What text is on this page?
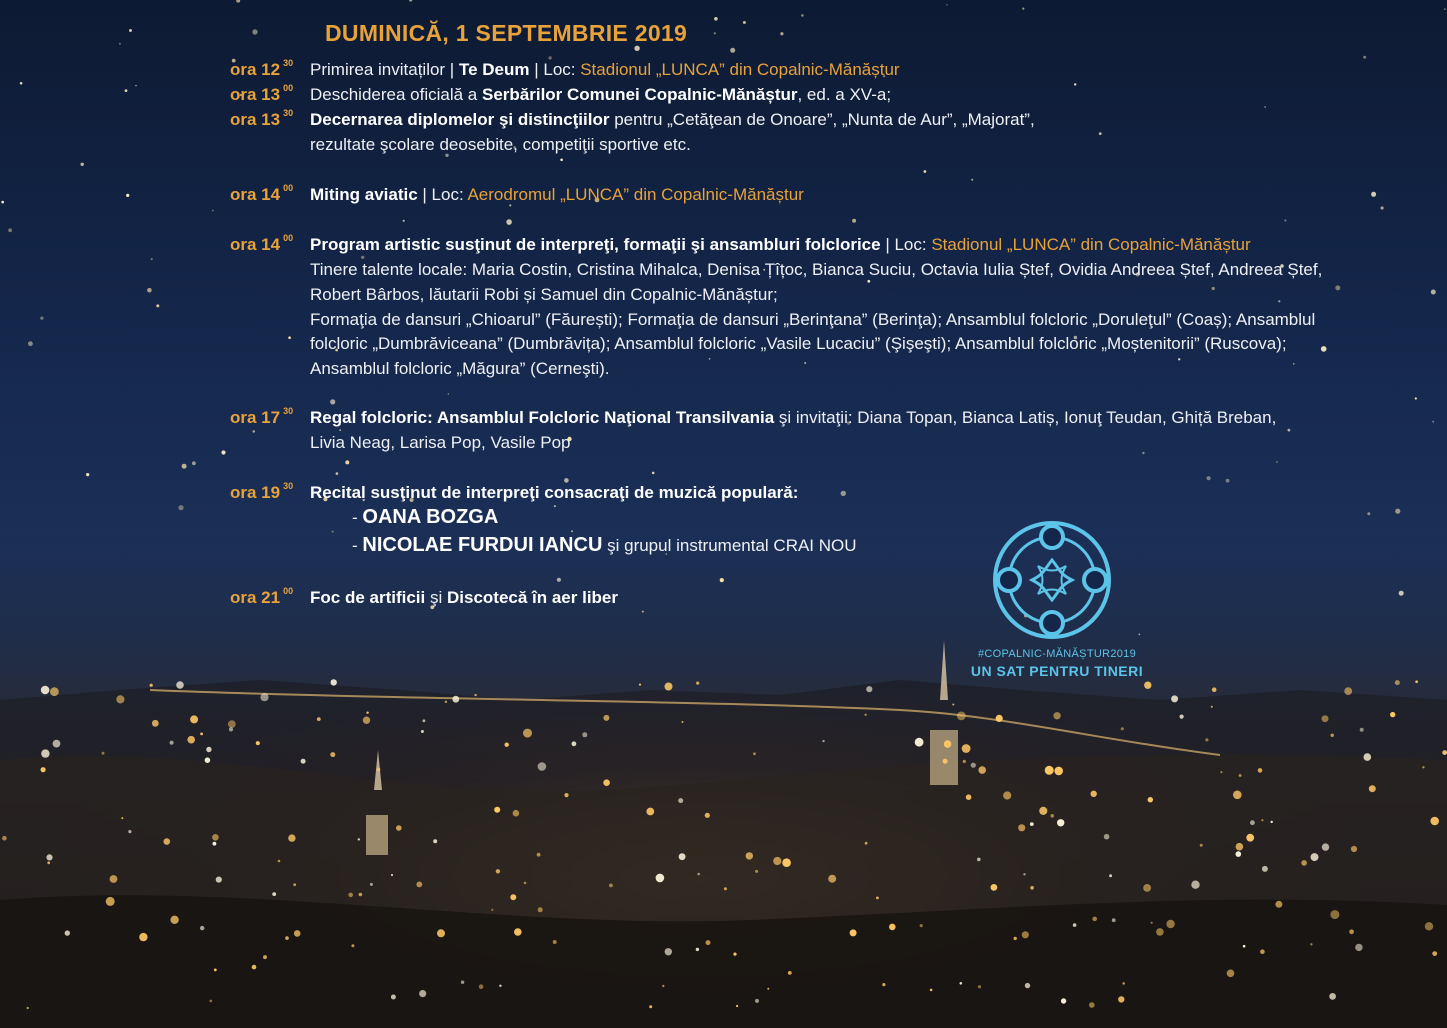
DUMINICĂ, 1 SEPTEMBRIE 2019
ora 12 $^{30}$ Primirea invitaților | Te Deum | Loc: Stadionul „LUNCA” din Copalnic-Mănăștur
ora 13 $^{00}$ Deschiderea oficială a Serbărilor Comunei Copalnic-Mănăștur, ed. a XV-a;
ora 13 $^{30}$ Decernarea diplomelor şi distincţiilor pentru „Cetăţean de Onoare”, „Nunta de Aur”, „Majorat”,
rezultate şcolare deosebite, competiţii sportive etc.
ora 14 $^{00}$ Miting aviatic | Loc: Aerodromul „LUNCA” din Copalnic-Mănăștur
ora 14 $^{00}$ Program artistic susţinut de interpreţi, formaţii şi ansambluri folclorice | Loc: Stadionul „LUNCA” din Copalnic-Mănăștur
Tinere talente locale: Maria Costin, Cristina Mihalca, Denisa Țîțoc, Bianca Suciu, Octavia Iulia Ștef, Ovidia Andreea Ștef, Andreea Ștef,
Robert Bârbos, lăutarii Robi și Samuel din Copalnic-Mănăștur;
Formaţia de dansuri „Chioarul” (Făurești); Formaţia de dansuri „Berinţana” (Berinţa); Ansamblul folcloric „Doruleţul” (Coaș); Ansamblul
folcloric „Dumbrăviceana” (Dumbrăvița); Ansamblul folcloric „Vasile Lucaciu” (Şişeşti); Ansamblul folcloric „Moștenitorii” (Ruscova);
Ansamblul folcloric „Măgura” (Cerneşti).
ora 17 $^{30}$ Regal folcloric: Ansamblul Folcloric Naţional Transilvania şi invitaţii: Diana Topan, Bianca Latiș, Ionuţ Teudan, Ghiță Breban,
Livia Neag, Larisa Pop, Vasile Pop
ora 19 $^{30}$ Recital susţinut de interpreţi consacraţi de muzică populară:
- OANA BOZGA
- NICOLAE FURDUI IANCU şi grupul instrumental CRAI NOU
ora 21 $^{00}$ Foc de artificii şi Discotecă în aer liber
#COPALNIC-MĂNĂȘTUR2019
UN SAT PENTRU TINERI
